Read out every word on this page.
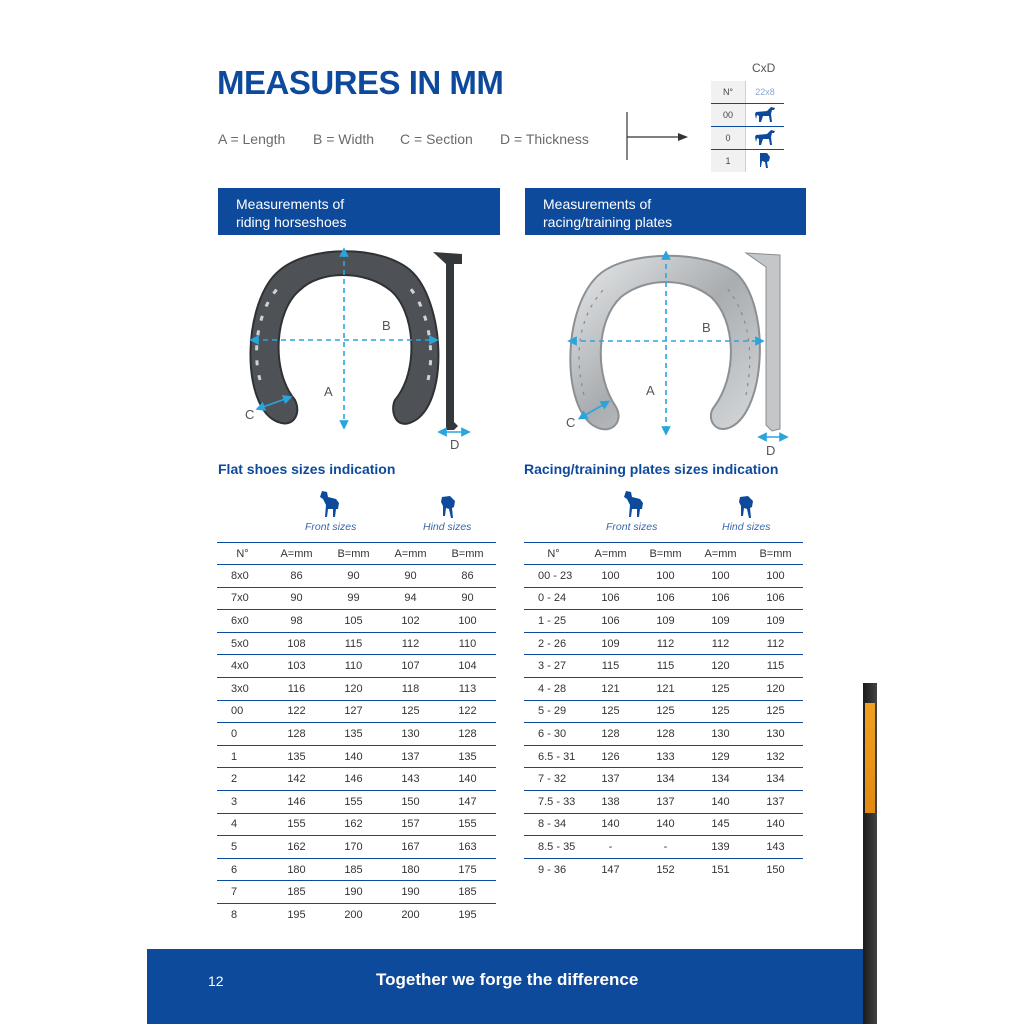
MEASURES IN MM
A = Length B = Width C = Section D = Thickness
CxD
N°	22x8
00	
0	
1	
Measurements of
riding horseshoes
Measurements of
racing/training plates
B
A
C
D
B
A
C
D
Flat shoes sizes indication	Racing/training plates sizes indication
Front sizes	Hind sizes	Front sizes	Hind sizes
N°	A=mm	B=mm	A=mm	B=mm
8x0	86	90	90	86
7x0	90	99	94	90
6x0	98	105	102	100
5x0	108	115	112	110
4x0	103	110	107	104
3x0	116	120	118	113
00	122	127	125	122
0	128	135	130	128
1	135	140	137	135
2	142	146	143	140
3	146	155	150	147
4	155	162	157	155
5	162	170	167	163
6	180	185	180	175
7	185	190	190	185
8	195	200	200	195
N°	A=mm	B=mm	A=mm	B=mm
00 - 23	100	100	100	100
0 - 24	106	106	106	106
1 - 25	106	109	109	109
2 - 26	109	112	112	112
3 - 27	115	115	120	115
4 - 28	121	121	125	120
5 - 29	125	125	125	125
6 - 30	128	128	130	130
6.5 - 31	126	133	129	132
7 - 32	137	134	134	134
7.5 - 33	138	137	140	137
8 - 34	140	140	145	140
8.5 - 35	-	-	139	143
9 - 36	147	152	151	150
12	Together we forge the difference
